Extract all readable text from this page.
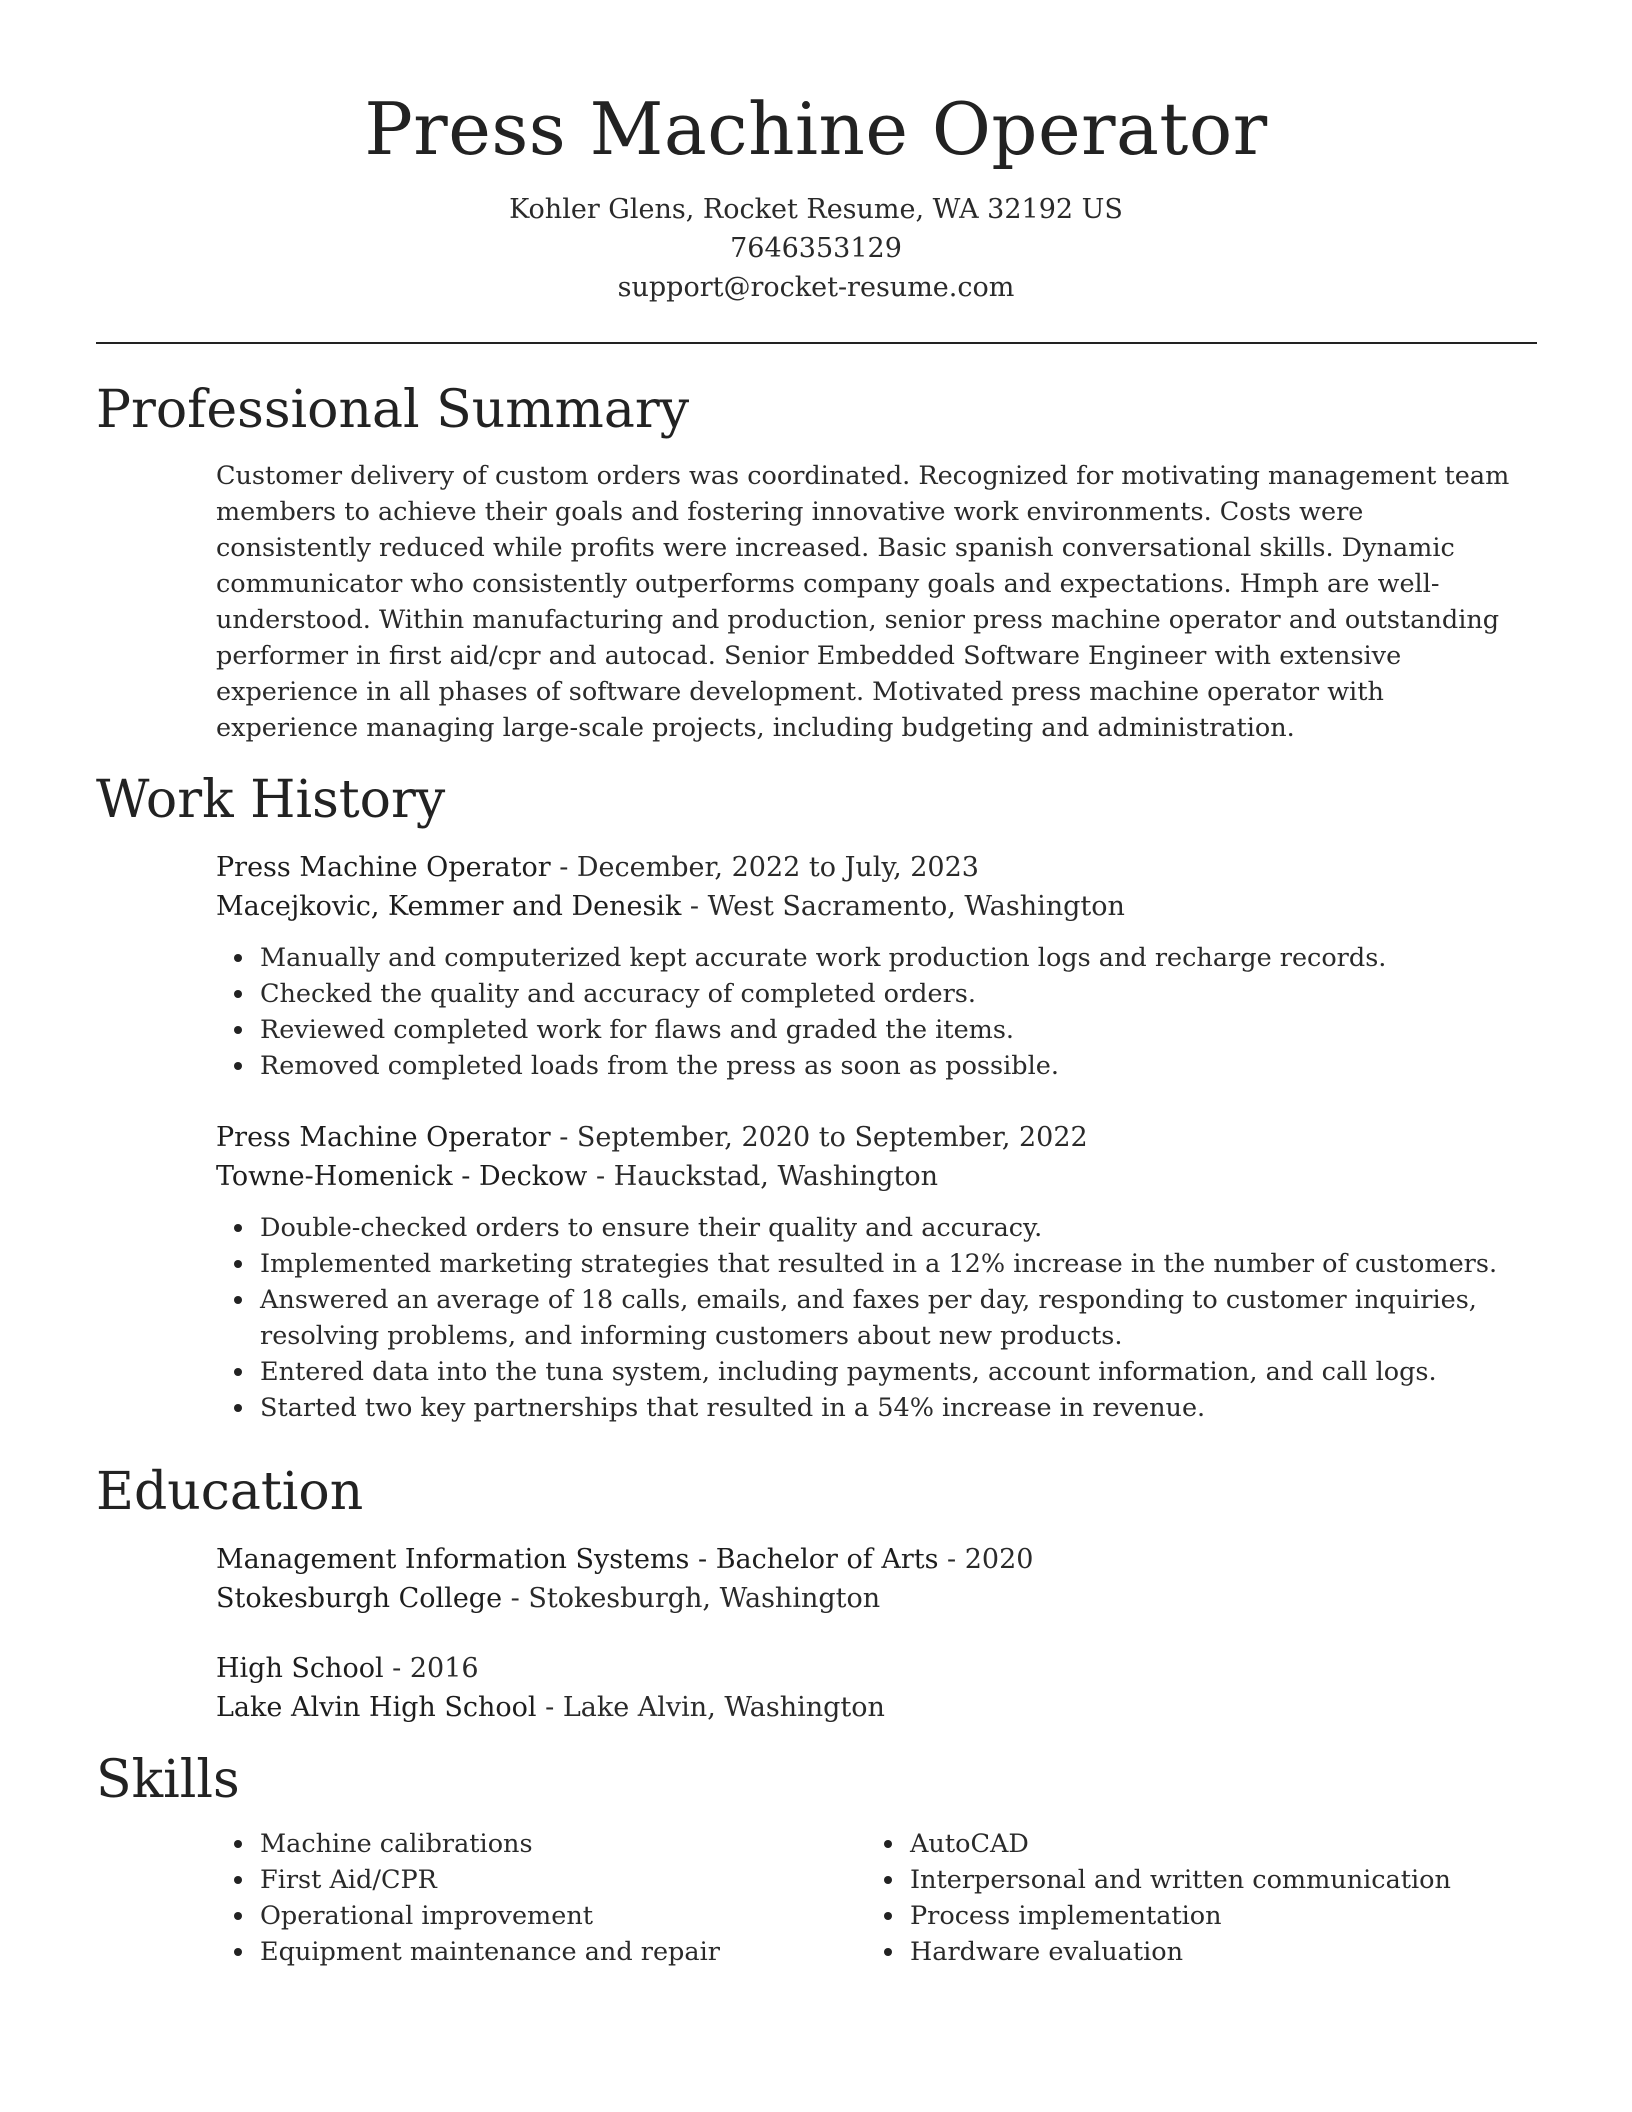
Press Machine Operator
Kohler Glens, Rocket Resume, WA 32192 US
7646353129
support@rocket-resume.com
Professional Summary
Customer delivery of custom orders was coordinated. Recognized for motivating management team members to achieve their goals and fostering innovative work environments. Costs were consistently reduced while profits were increased. Basic spanish conversational skills. Dynamic communicator who consistently outperforms company goals and expectations. Hmph are well-understood. Within manufacturing and production, senior press machine operator and outstanding performer in first aid/cpr and autocad. Senior Embedded Software Engineer with extensive experience in all phases of software development. Motivated press machine operator with experience managing large-scale projects, including budgeting and administration.
Work History
Press Machine Operator - December, 2022 to July, 2023
Macejkovic, Kemmer and Denesik - West Sacramento, Washington
Manually and computerized kept accurate work production logs and recharge records.
Checked the quality and accuracy of completed orders.
Reviewed completed work for flaws and graded the items.
Removed completed loads from the press as soon as possible.
Press Machine Operator - September, 2020 to September, 2022
Towne-Homenick - Deckow - Hauckstad, Washington
Double-checked orders to ensure their quality and accuracy.
Implemented marketing strategies that resulted in a 12% increase in the number of customers.
Answered an average of 18 calls, emails, and faxes per day, responding to customer inquiries, resolving problems, and informing customers about new products.
Entered data into the tuna system, including payments, account information, and call logs.
Started two key partnerships that resulted in a 54% increase in revenue.
Education
Management Information Systems - Bachelor of Arts - 2020
Stokesburgh College - Stokesburgh, Washington
High School - 2016
Lake Alvin High School - Lake Alvin, Washington
Skills
Machine calibrations
First Aid/CPR
Operational improvement
Equipment maintenance and repair
AutoCAD
Interpersonal and written communication
Process implementation
Hardware evaluation
